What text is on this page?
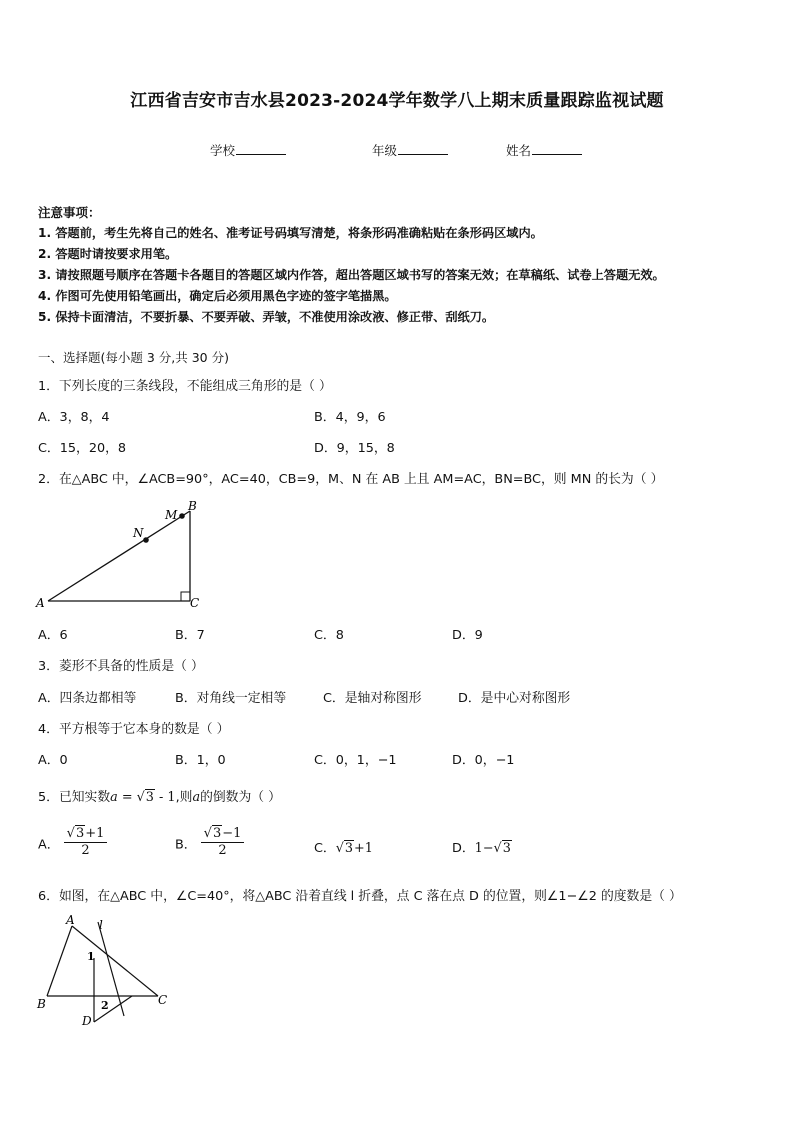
江西省吉安市吉水县2023-2024学年数学八上期末质量跟踪监视试题
学校	年级	姓名
注意事项：
1. 答题前，考生先将自己的姓名、准考证号码填写清楚，将条形码准确粘贴在条形码区域内。
2. 答题时请按要求用笔。
3. 请按照题号顺序在答题卡各题目的答题区域内作答，超出答题区域书写的答案无效；在草稿纸、试卷上答题无效。
4. 作图可先使用铅笔画出，确定后必须用黑色字迹的签字笔描黑。
5. 保持卡面清洁，不要折暴、不要弄破、弄皱，不准使用涂改液、修正带、刮纸刀。
一、选择题(每小题 3 分,共 30 分)
1．下列长度的三条线段，不能组成三角形的是（ ）
A．3，8，4	B．4，9，6
C．15，20，8	D．9，15，8
2．在△ABC 中，∠ACB=90°，AC=40，CB=9，M、N 在 AB 上且 AM=AC，BN=BC，则 MN 的长为（ ）
A
B
C
M
N
A．6	B．7	C．8	D．9
3．菱形不具备的性质是（ ）
A．四条边都相等	B．对角线一定相等	C．是轴对称图形	D．是中心对称图形
4．平方根等于它本身的数是（ ）
A．0	B．1，0	C．0，1，−1	D．0，−1
5．已知实数a = √3 - 1,则a的倒数为（ ）
A． $\frac{√3+1}{2}$	B． $\frac{√3-1}{2}$	C．√3+1	D．1−√3
6．如图，在△ABC 中，∠C=40°，将△ABC 沿着直线 l 折叠，点 C 落在点 D 的位置，则∠1−∠2 的度数是（ ）
A
B	C
D
l
1
2
